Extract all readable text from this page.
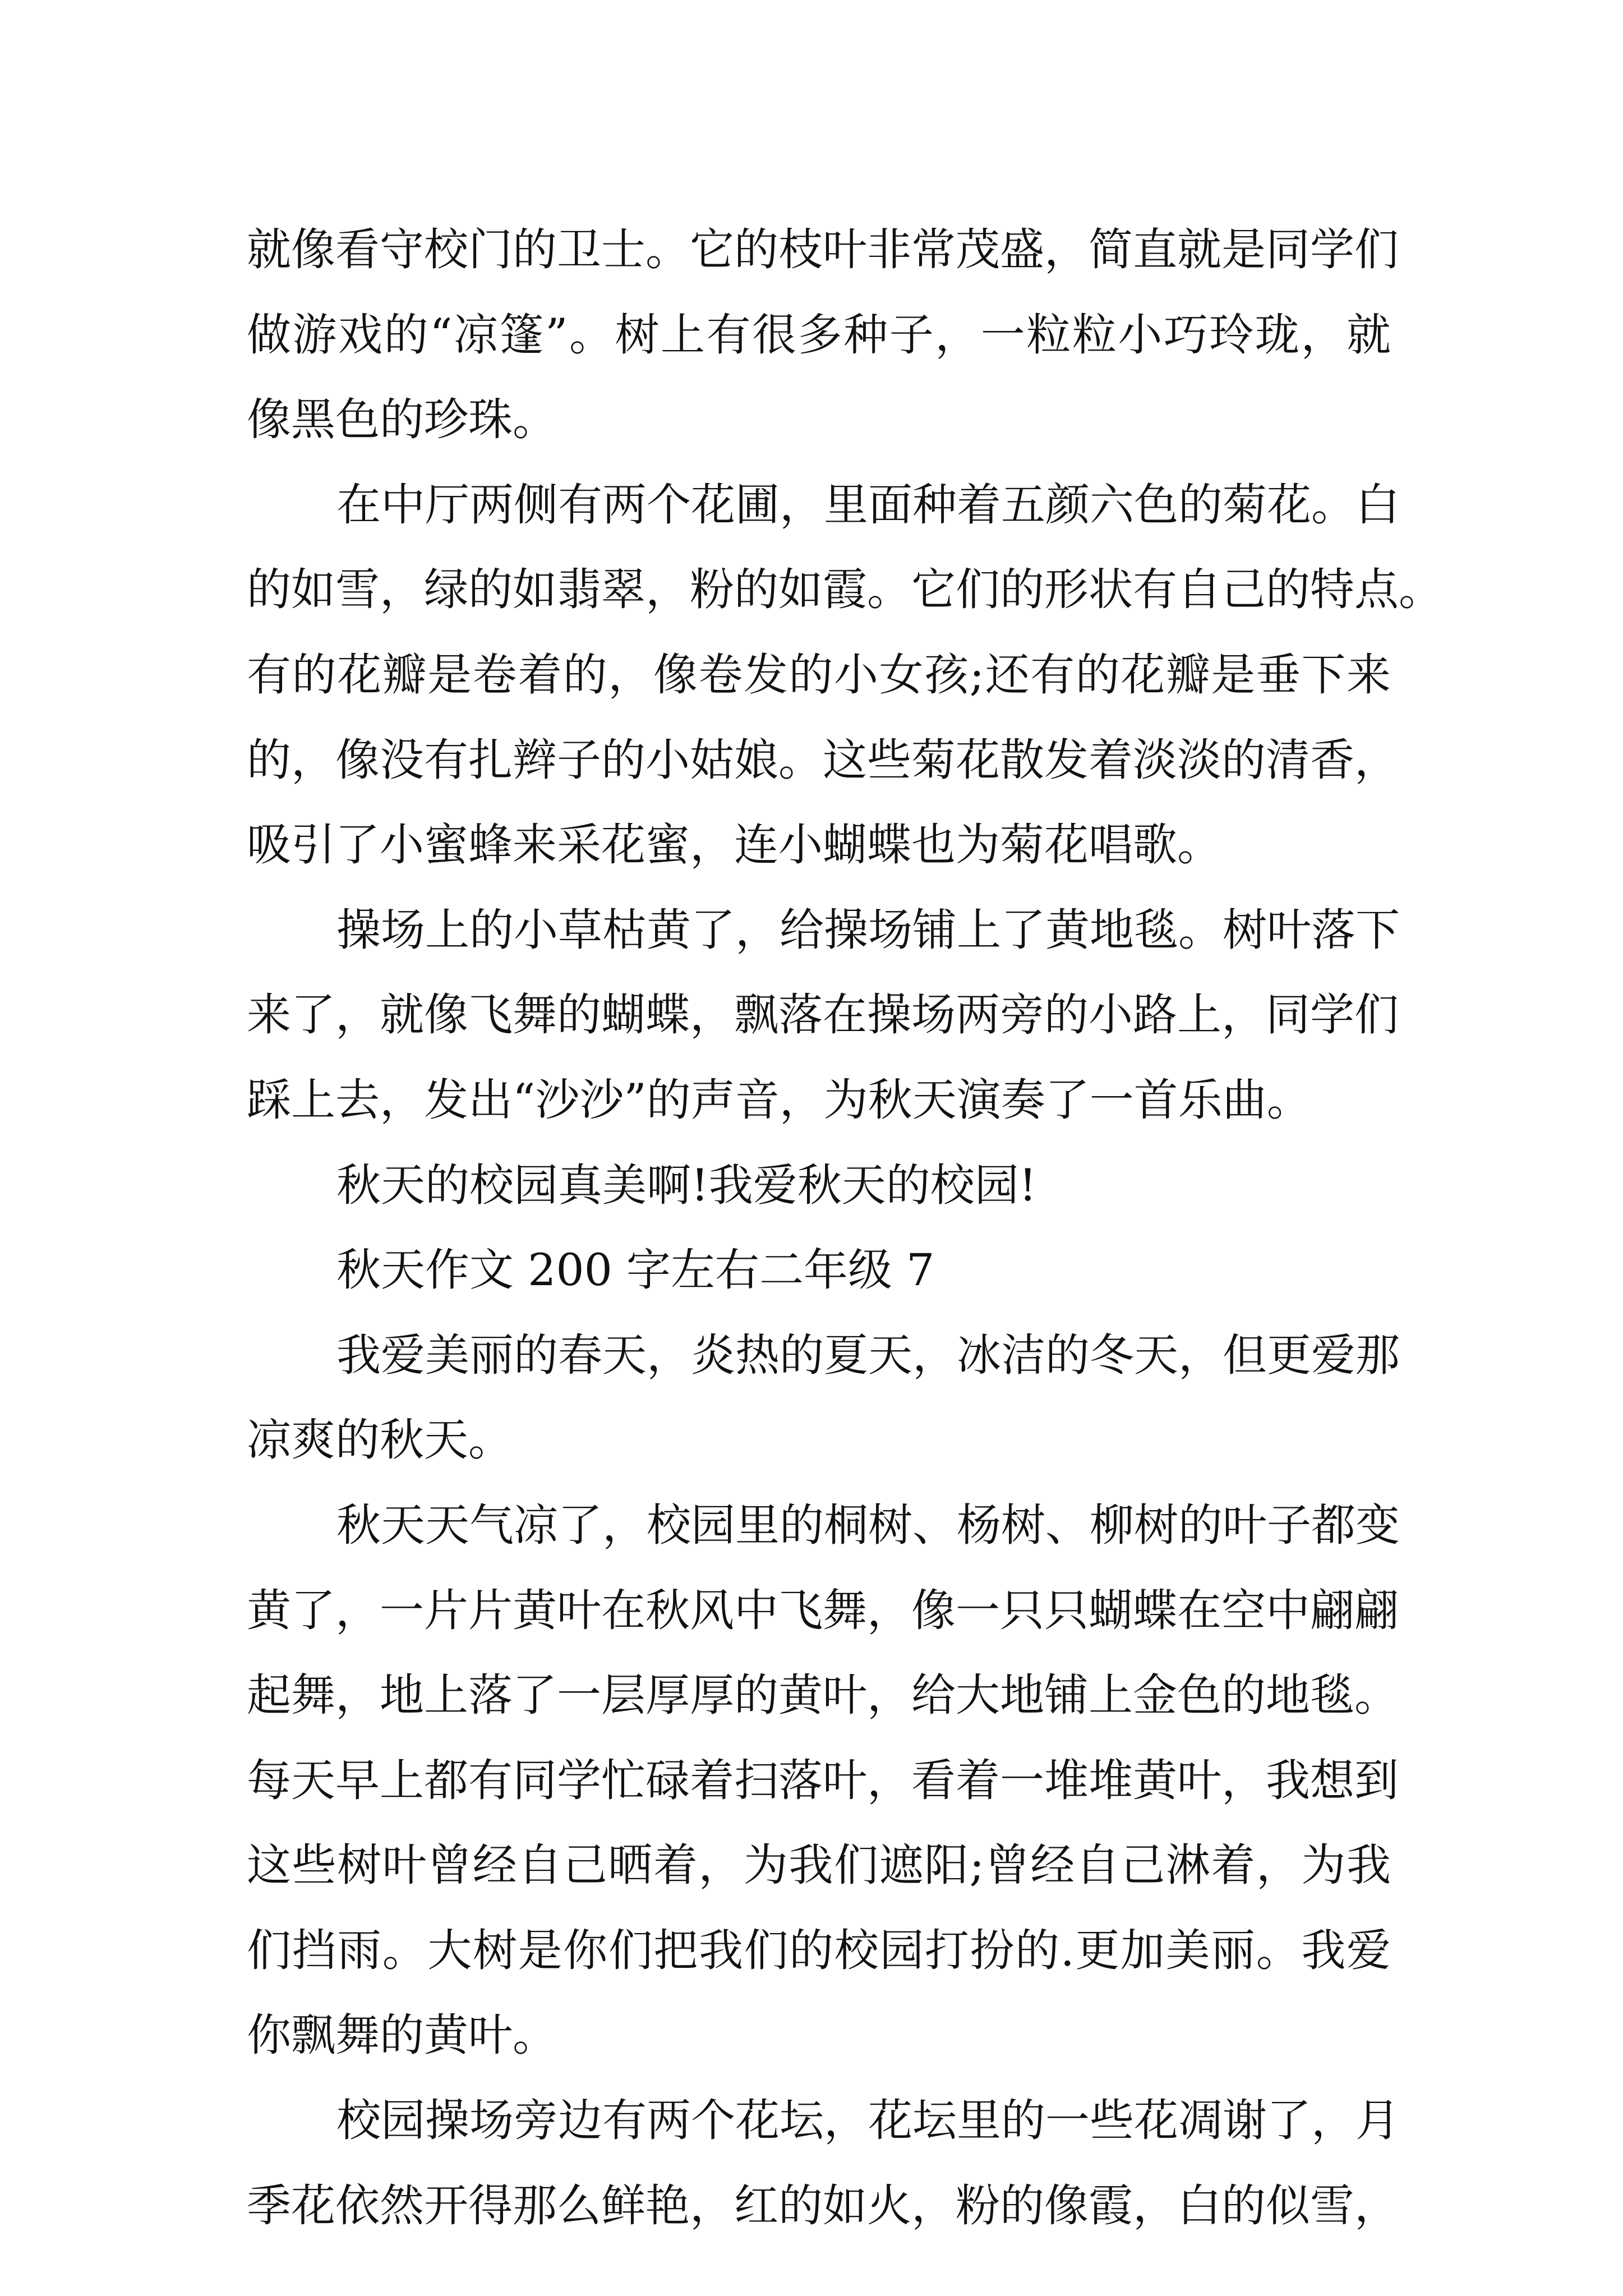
就像看守校门的卫士。它的枝叶非常茂盛，简直就是同学们
做游戏的“凉篷”。树上有很多种子，一粒粒小巧玲珑，就
像黑色的珍珠。
在中厅两侧有两个花圃，里面种着五颜六色的菊花。白
的如雪，绿的如翡翠，粉的如霞。它们的形状有自己的特点。
有的花瓣是卷着的，像卷发的小女孩;还有的花瓣是垂下来
的，像没有扎辫子的小姑娘。这些菊花散发着淡淡的清香，
吸引了小蜜蜂来采花蜜，连小蝴蝶也为菊花唱歌。
操场上的小草枯黄了，给操场铺上了黄地毯。树叶落下
来了，就像飞舞的蝴蝶，飘落在操场两旁的小路上，同学们
踩上去，发出“沙沙”的声音，为秋天演奏了一首乐曲。
秋天的校园真美啊!我爱秋天的校园!
秋天作文 200 字左右二年级 7
我爱美丽的春天，炎热的夏天，冰洁的冬天，但更爱那
凉爽的秋天。
秋天天气凉了，校园里的桐树、杨树、柳树的叶子都变
黄了，一片片黄叶在秋风中飞舞，像一只只蝴蝶在空中翩翩
起舞，地上落了一层厚厚的黄叶，给大地铺上金色的地毯。
每天早上都有同学忙碌着扫落叶，看着一堆堆黄叶，我想到
这些树叶曾经自己晒着，为我们遮阳;曾经自己淋着，为我
们挡雨。大树是你们把我们的校园打扮的.更加美丽。我爱
你飘舞的黄叶。
校园操场旁边有两个花坛，花坛里的一些花凋谢了，月
季花依然开得那么鲜艳，红的如火，粉的像霞，白的似雪，
